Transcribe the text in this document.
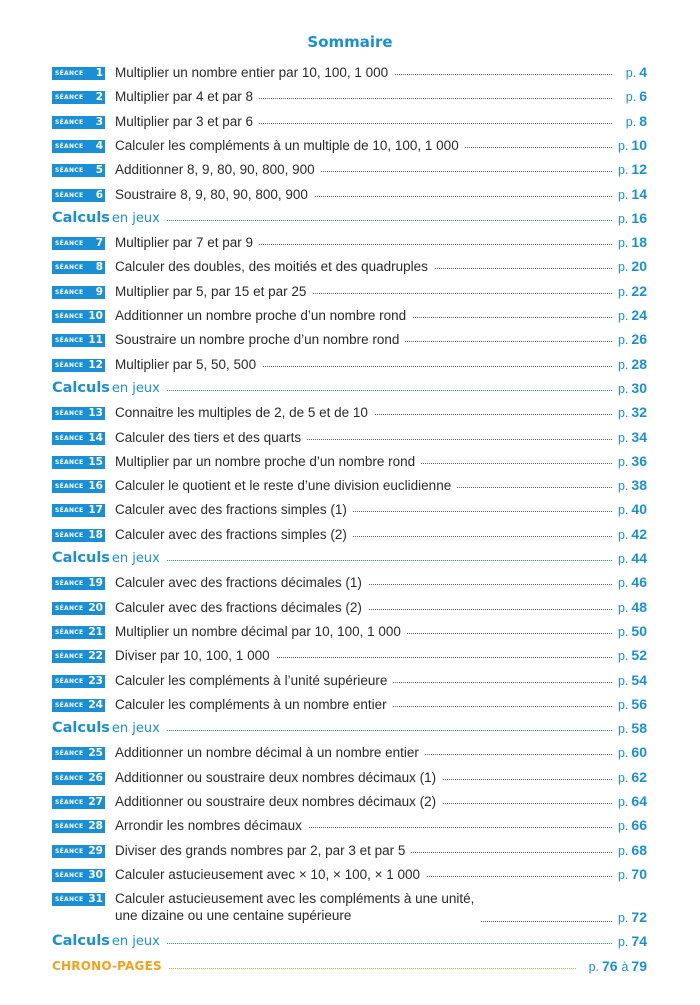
Sommaire
SÉANCE 1 Multiplier un nombre entier par 10, 100, 1 000	p. 4
SÉANCE 2 Multiplier par 4 et par 8	p. 6
SÉANCE 3 Multiplier par 3 et par 6	p. 8
SÉANCE 4 Calculer les compléments à un multiple de 10, 100, 1 000	p. 10
SÉANCE 5 Additionner 8, 9, 80, 90, 800, 900	p. 12
SÉANCE 6 Soustraire 8, 9, 80, 90, 800, 900	p. 14
Calculs en jeux	p. 16
SÉANCE 7 Multiplier par 7 et par 9	p. 18
SÉANCE 8 Calculer des doubles, des moitiés et des quadruples	p. 20
SÉANCE 9 Multiplier par 5, par 15 et par 25	p. 22
SÉANCE 10 Additionner un nombre proche d’un nombre rond	p. 24
SÉANCE 11 Soustraire un nombre proche d’un nombre rond	p. 26
SÉANCE 12 Multiplier par 5, 50, 500	p. 28
Calculs en jeux	p. 30
SÉANCE 13 Connaitre les multiples de 2, de 5 et de 10	p. 32
SÉANCE 14 Calculer des tiers et des quarts	p. 34
SÉANCE 15 Multiplier par un nombre proche d’un nombre rond	p. 36
SÉANCE 16 Calculer le quotient et le reste d’une division euclidienne	p. 38
SÉANCE 17 Calculer avec des fractions simples (1)	p. 40
SÉANCE 18 Calculer avec des fractions simples (2)	p. 42
Calculs en jeux	p. 44
SÉANCE 19 Calculer avec des fractions décimales (1)	p. 46
SÉANCE 20 Calculer avec des fractions décimales (2)	p. 48
SÉANCE 21 Multiplier un nombre décimal par 10, 100, 1 000	p. 50
SÉANCE 22 Diviser par 10, 100, 1 000	p. 52
SÉANCE 23 Calculer les compléments à l’unité supérieure	p. 54
SÉANCE 24 Calculer les compléments à un nombre entier	p. 56
Calculs en jeux	p. 58
SÉANCE 25 Additionner un nombre décimal à un nombre entier	p. 60
SÉANCE 26 Additionner ou soustraire deux nombres décimaux (1)	p. 62
SÉANCE 27 Additionner ou soustraire deux nombres décimaux (2)	p. 64
SÉANCE 28 Arrondir les nombres décimaux	p. 66
SÉANCE 29 Diviser des grands nombres par 2, par 3 et par 5	p. 68
SÉANCE 30 Calculer astucieusement avec × 10, × 100, × 1 000	p. 70
SÉANCE 31 Calculer astucieusement avec les compléments à une unité,
une dizaine ou une centaine supérieure	p. 72
Calculs en jeux	p. 74
CHRONO-PAGES	p. 76 à 79
